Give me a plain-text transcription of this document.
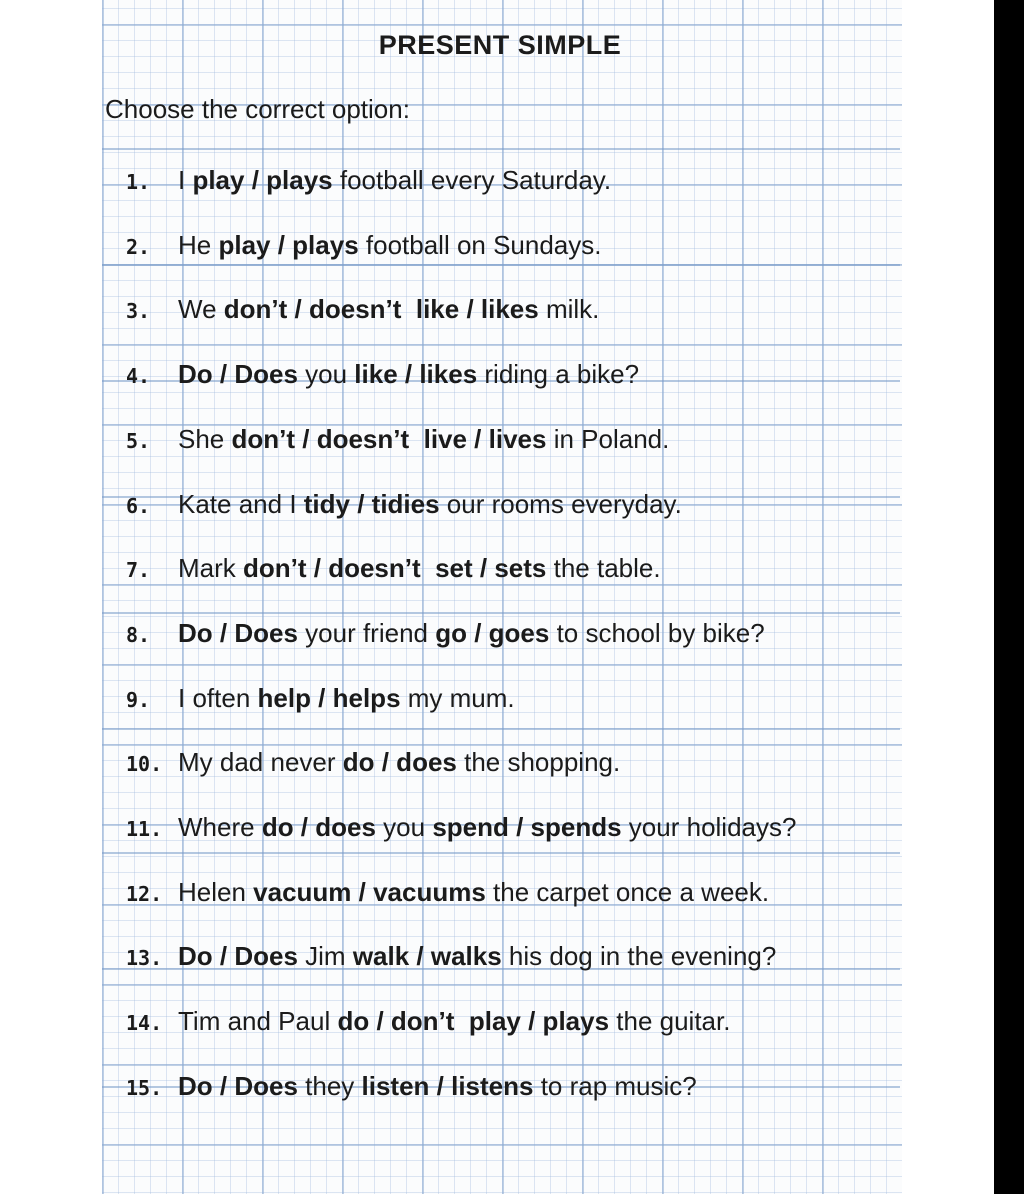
PRESENT SIMPLE
Choose the correct option:
1. I play / plays football every Saturday.
2. He play / plays football on Sundays.
3. We don’t / doesn’t  like / likes milk.
4. Do / Does you like / likes riding a bike?
5. She don’t / doesn’t  live / lives in Poland.
6. Kate and I tidy / tidies our rooms everyday.
7. Mark don’t / doesn’t  set / sets the table.
8. Do / Does your friend go / goes to school by bike?
9. I often help / helps my mum.
10. My dad never do / does the shopping.
11. Where do / does you spend / spends your holidays?
12. Helen vacuum / vacuums the carpet once a week.
13. Do / Does Jim walk / walks his dog in the evening?
14. Tim and Paul do / don’t  play / plays the guitar.
15. Do / Does they listen / listens to rap music?
